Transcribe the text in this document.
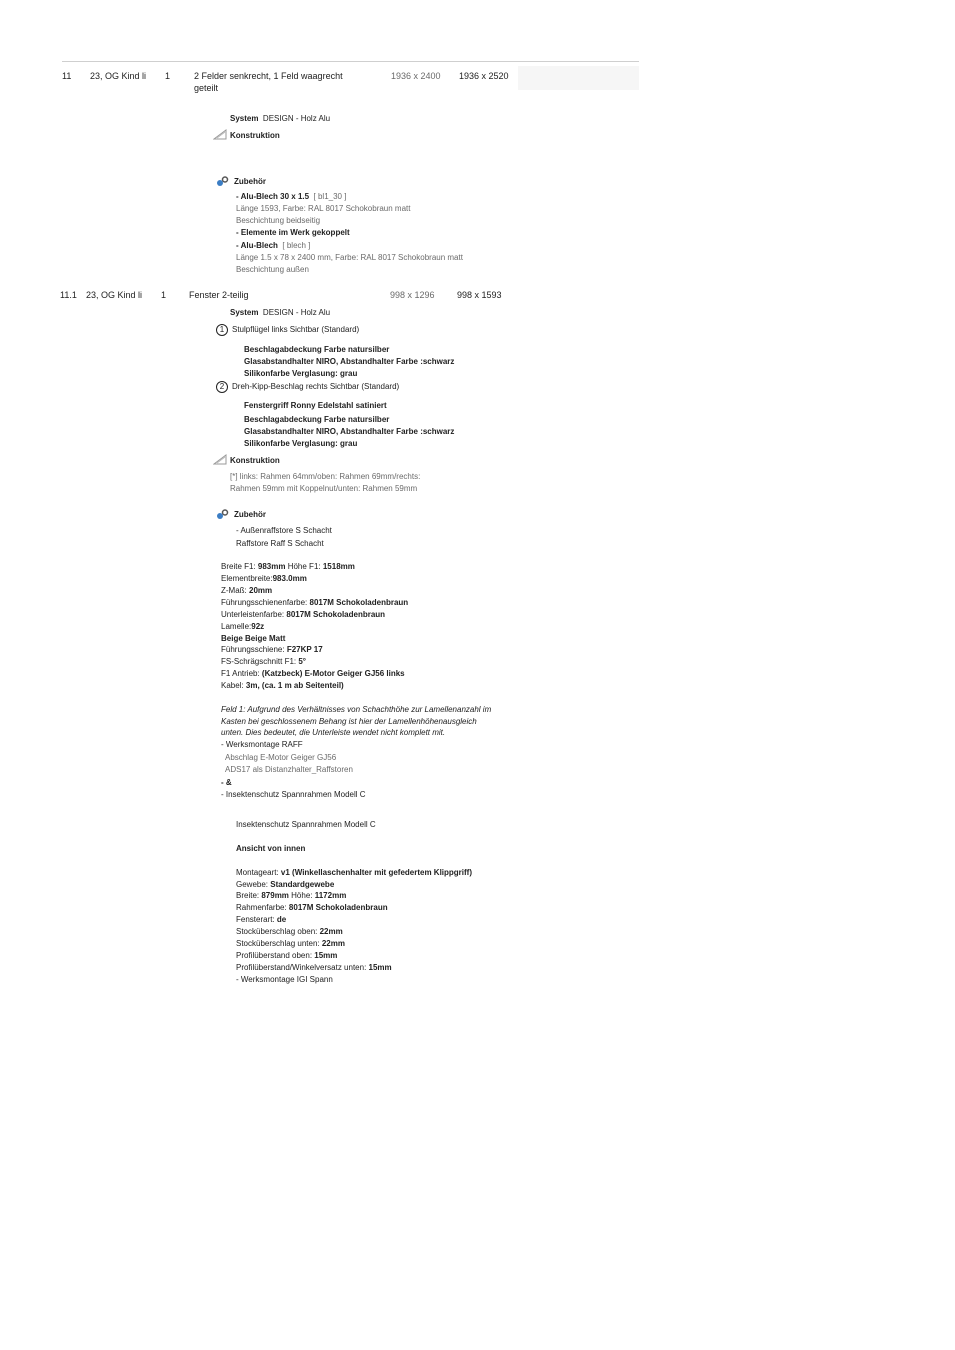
11 23, OG Kind li 1	2 Felder senkrecht, 1 Feld waagrecht
geteilt
1936 x 2400 1936 x 2520
System DESIGN - Holz Alu
Konstruktion
Zubehör
- Alu-Blech 30 x 1.5 [ bl1_30 ]
Länge 1593, Farbe: RAL 8017 Schokobraun matt
Beschichtung beidseitig
- Elemente im Werk gekoppelt
- Alu-Blech [ blech ]
Länge 1.5 x 78 x 2400 mm, Farbe: RAL 8017 Schokobraun matt
Beschichtung außen
11.1 23, OG Kind li 1	Fenster 2-teilig	998 x 1296 998 x 1593
System DESIGN - Holz Alu
1 Stulpflügel links Sichtbar (Standard)
Beschlagabdeckung Farbe natursilber
Glasabstandhalter NIRO, Abstandhalter Farbe :schwarz
Silikonfarbe Verglasung: grau
2 Dreh-Kipp-Beschlag rechts Sichtbar (Standard)
Fenstergriff Ronny Edelstahl satiniert
Beschlagabdeckung Farbe natursilber
Glasabstandhalter NIRO, Abstandhalter Farbe :schwarz
Silikonfarbe Verglasung: grau
Konstruktion
[*] links: Rahmen 64mm/oben: Rahmen 69mm/rechts:
Rahmen 59mm mit Koppelnut/unten: Rahmen 59mm
Zubehör
- Außenraffstore S Schacht
Raffstore Raff S Schacht
Breite F1: 983mm Höhe F1: 1518mm
Elementbreite:983.0mm
Z-Maß: 20mm
Führungsschienenfarbe: 8017M Schokoladenbraun
Unterleistenfarbe: 8017M Schokoladenbraun
Lamelle:92z
Beige Beige Matt
Führungsschiene: F27KP 17
FS-Schrägschnitt F1: 5°
F1 Antrieb: (Katzbeck) E-Motor Geiger GJ56 links
Kabel: 3m, (ca. 1 m ab Seitenteil)
Feld 1: Aufgrund des Verhältnisses von Schachthöhe zur Lamellenanzahl im
Kasten bei geschlossenem Behang ist hier der Lamellenhöhenausgleich
unten. Dies bedeutet, die Unterleiste wendet nicht komplett mit.
- Werksmontage RAFF
Abschlag E-Motor Geiger GJ56
ADS17 als Distanzhalter_Raffstoren
- &
- Insektenschutz Spannrahmen Modell C
Insektenschutz Spannrahmen Modell C
Ansicht von innen
Montageart: v1 (Winkellaschenhalter mit gefedertem Klippgriff)
Gewebe: Standardgewebe
Breite: 879mm Höhe: 1172mm
Rahmenfarbe: 8017M Schokoladenbraun
Fensterart: de
Stocküberschlag oben: 22mm
Stocküberschlag unten: 22mm
Profilüberstand oben: 15mm
Profilüberstand/Winkelversatz unten: 15mm
- Werksmontage IGI Spann
